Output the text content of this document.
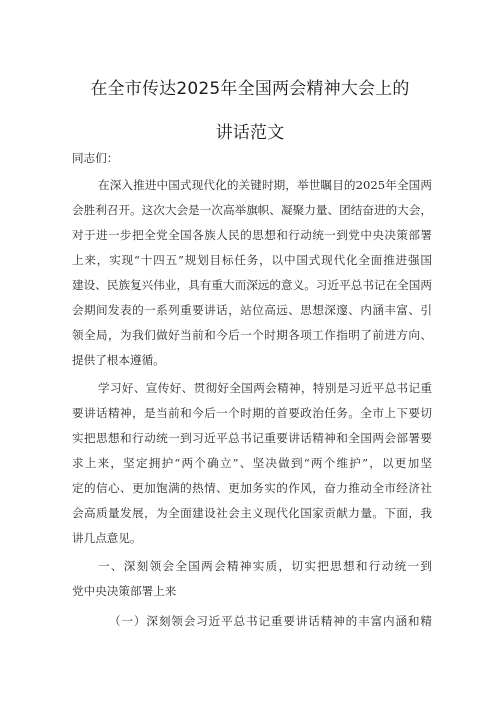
在全市传达2025年全国两会精神大会上的
讲话范文
同志们：
在深入推进中国式现代化的关键时期，举世瞩目的2025年全国两
会胜利召开。这次大会是一次高举旗帜、凝聚力量、团结奋进的大会，
对于进一步把全党全国各族人民的思想和行动统一到党中央决策部署
上来，实现“十四五”规划目标任务，以中国式现代化全面推进强国
建设、民族复兴伟业，具有重大而深远的意义。习近平总书记在全国两
会期间发表的一系列重要讲话，站位高远、思想深邃、内涵丰富、引
领全局，为我们做好当前和今后一个时期各项工作指明了前进方向、
提供了根本遵循。
学习好、宣传好、贯彻好全国两会精神，特别是习近平总书记重
要讲话精神，是当前和今后一个时期的首要政治任务。全市上下要切
实把思想和行动统一到习近平总书记重要讲话精神和全国两会部署要
求上来，坚定拥护“两个确立”、坚决做到“两个维护”，以更加坚
定的信心、更加饱满的热情、更加务实的作风，奋力推动全市经济社
会高质量发展，为全面建设社会主义现代化国家贡献力量。下面，我
讲几点意见。
一、深刻领会全国两会精神实质，切实把思想和行动统一到
党中央决策部署上来
（一）深刻领会习近平总书记重要讲话精神的丰富内涵和精
